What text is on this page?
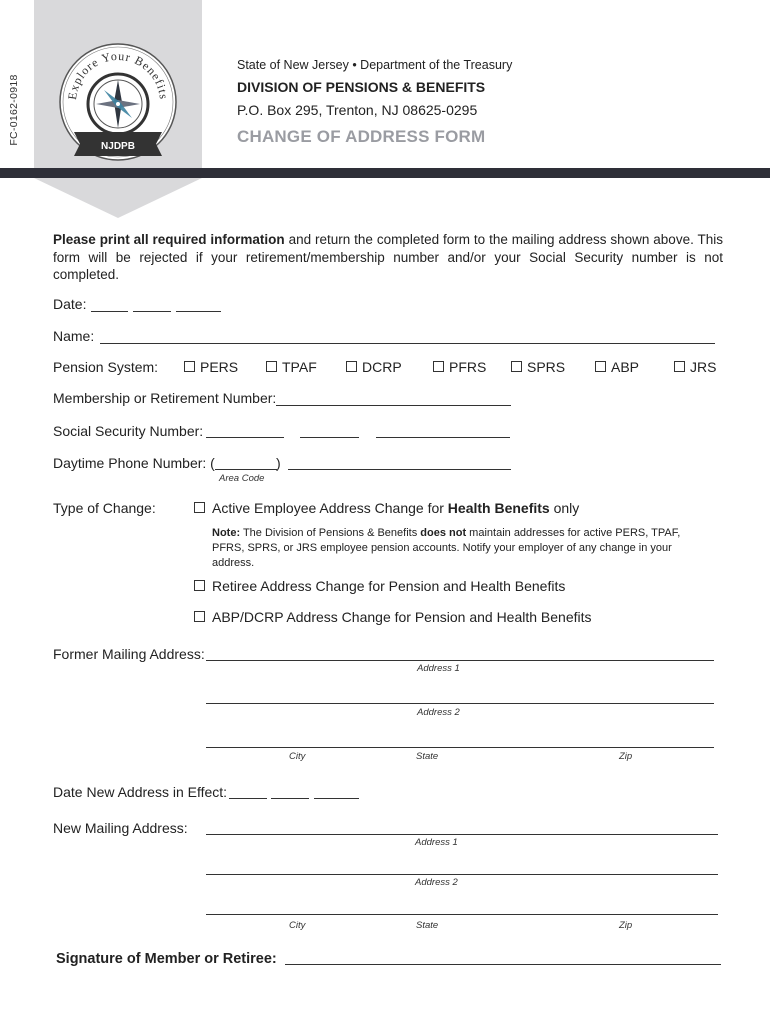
Explore Your Benefits
NJDPB
FC-0162-0918
State of New Jersey • Department of the Treasury
DIVISION OF PENSIONS & BENEFITS
P.O. Box 295, Trenton, NJ 08625-0295
CHANGE OF ADDRESS FORM
Please print all required information and return the completed form to the mailing address shown above. This form will be rejected if your retirement/membership number and/or your Social Security number is not completed.
Date:
Name:
Pension System:	PERS	TPAF	DCRP	PFRS	SPRS	ABP	JRS
Membership or Retirement Number:
Social Security Number:
Daytime Phone Number: (	)
Area Code
Type of Change:	Active Employee Address Change for Health Benefits only
Note: The Division of Pensions & Benefits does not maintain addresses for active PERS, TPAF, PFRS, SPRS, or JRS employee pension accounts. Notify your employer of any change in your address.
Retiree Address Change for Pension and Health Benefits
ABP/DCRP Address Change for Pension and Health Benefits
Former Mailing Address:
Address 1
Address 2
City	State	Zip
Date New Address in Effect:
New Mailing Address:
Address 1
Address 2
City	State	Zip
Signature of Member or Retiree:
